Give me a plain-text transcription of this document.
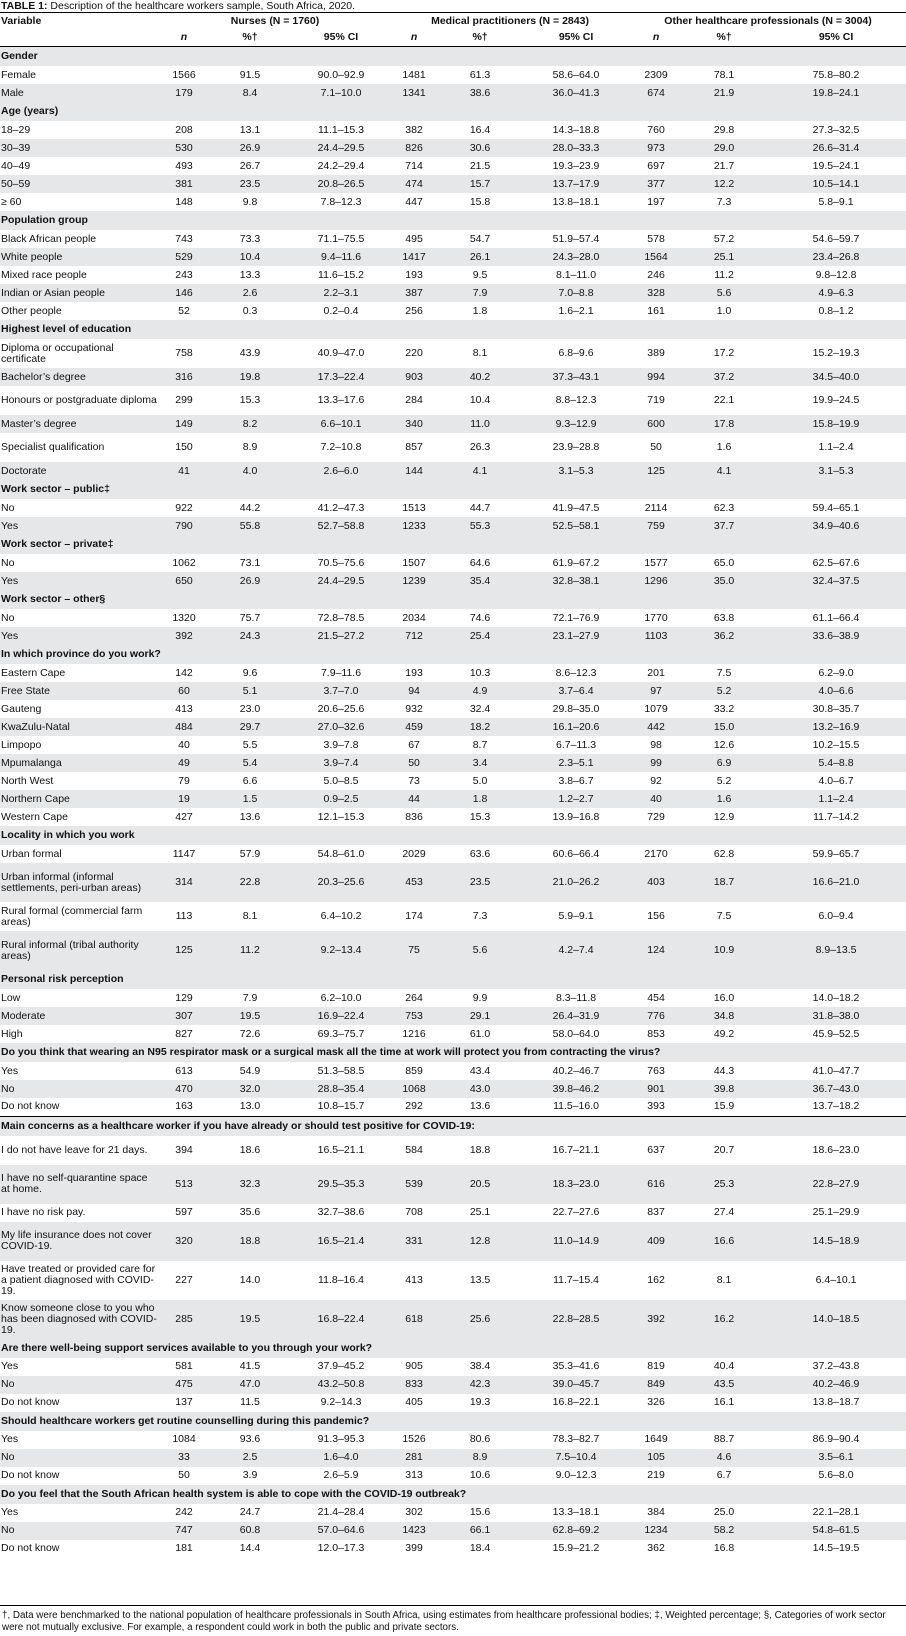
TABLE 1: Description of the healthcare workers sample, South Africa, 2020.
Variable	Nurses (N = 1760)			Medical practitioners (N = 2843)			Other healthcare professionals (N = 3004)		
	n	%†	95% CI	n	%†	95% CI	n	%†	95% CI
Gender									
Female	1566	91.5	90.0–92.9	1481	61.3	58.6–64.0	2309	78.1	75.8–80.2
Male	179	8.4	7.1–10.0	1341	38.6	36.0–41.3	674	21.9	19.8–24.1
Age (years)									
18–29	208	13.1	11.1–15.3	382	16.4	14.3–18.8	760	29.8	27.3–32.5
30–39	530	26.9	24.4–29.5	826	30.6	28.0–33.3	973	29.0	26.6–31.4
40–49	493	26.7	24.2–29.4	714	21.5	19.3–23.9	697	21.7	19.5–24.1
50–59	381	23.5	20.8–26.5	474	15.7	13.7–17.9	377	12.2	10.5–14.1
≥ 60	148	9.8	7.8–12.3	447	15.8	13.8–18.1	197	7.3	5.8–9.1
Population group									
Black African people	743	73.3	71.1–75.5	495	54.7	51.9–57.4	578	57.2	54.6–59.7
White people	529	10.4	9.4–11.6	1417	26.1	24.3–28.0	1564	25.1	23.4–26.8
Mixed race people	243	13.3	11.6–15.2	193	9.5	8.1–11.0	246	11.2	9.8–12.8
Indian or Asian people	146	2.6	2.2–3.1	387	7.9	7.0–8.8	328	5.6	4.9–6.3
Other people	52	0.3	0.2–0.4	256	1.8	1.6–2.1	161	1.0	0.8–1.2
Highest level of education									
Diploma or occupational certificate	758	43.9	40.9–47.0	220	8.1	6.8–9.6	389	17.2	15.2–19.3
Bachelor’s degree	316	19.8	17.3–22.4	903	40.2	37.3–43.1	994	37.2	34.5–40.0
Honours or postgraduate diploma	299	15.3	13.3–17.6	284	10.4	8.8–12.3	719	22.1	19.9–24.5
Master’s degree	149	8.2	6.6–10.1	340	11.0	9.3–12.9	600	17.8	15.8–19.9
Specialist qualification	150	8.9	7.2–10.8	857	26.3	23.9–28.8	50	1.6	1.1–2.4
Doctorate	41	4.0	2.6–6.0	144	4.1	3.1–5.3	125	4.1	3.1–5.3
Work sector – public‡									
No	922	44.2	41.2–47.3	1513	44.7	41.9–47.5	2114	62.3	59.4–65.1
Yes	790	55.8	52.7–58.8	1233	55.3	52.5–58.1	759	37.7	34.9–40.6
Work sector – private‡									
No	1062	73.1	70.5–75.6	1507	64.6	61.9–67.2	1577	65.0	62.5–67.6
Yes	650	26.9	24.4–29.5	1239	35.4	32.8–38.1	1296	35.0	32.4–37.5
Work sector – other§									
No	1320	75.7	72.8–78.5	2034	74.6	72.1–76.9	1770	63.8	61.1–66.4
Yes	392	24.3	21.5–27.2	712	25.4	23.1–27.9	1103	36.2	33.6–38.9
In which province do you work?									
Eastern Cape	142	9.6	7.9–11.6	193	10.3	8.6–12.3	201	7.5	6.2–9.0
Free State	60	5.1	3.7–7.0	94	4.9	3.7–6.4	97	5.2	4.0–6.6
Gauteng	413	23.0	20.6–25.6	932	32.4	29.8–35.0	1079	33.2	30.8–35.7
KwaZulu-Natal	484	29.7	27.0–32.6	459	18.2	16.1–20.6	442	15.0	13.2–16.9
Limpopo	40	5.5	3.9–7.8	67	8.7	6.7–11.3	98	12.6	10.2–15.5
Mpumalanga	49	5.4	3.9–7.4	50	3.4	2.3–5.1	99	6.9	5.4–8.8
North West	79	6.6	5.0–8.5	73	5.0	3.8–6.7	92	5.2	4.0–6.7
Northern Cape	19	1.5	0.9–2.5	44	1.8	1.2–2.7	40	1.6	1.1–2.4
Western Cape	427	13.6	12.1–15.3	836	15.3	13.9–16.8	729	12.9	11.7–14.2
Locality in which you work									
Urban formal	1147	57.9	54.8–61.0	2029	63.6	60.6–66.4	2170	62.8	59.9–65.7
Urban informal (informal settlements, peri-urban areas)	314	22.8	20.3–25.6	453	23.5	21.0–26.2	403	18.7	16.6–21.0
Rural formal (commercial farm areas)	113	8.1	6.4–10.2	174	7.3	5.9–9.1	156	7.5	6.0–9.4
Rural informal (tribal authority areas)	125	11.2	9.2–13.4	75	5.6	4.2–7.4	124	10.9	8.9–13.5
Personal risk perception									
Low	129	7.9	6.2–10.0	264	9.9	8.3–11.8	454	16.0	14.0–18.2
Moderate	307	19.5	16.9–22.4	753	29.1	26.4–31.9	776	34.8	31.8–38.0
High	827	72.6	69.3–75.7	1216	61.0	58.0–64.0	853	49.2	45.9–52.5
Do you think that wearing an N95 respirator mask or a surgical mask all the time at work will protect you from contracting the virus?									
Yes	613	54.9	51.3–58.5	859	43.4	40.2–46.7	763	44.3	41.0–47.7
No	470	32.0	28.8–35.4	1068	43.0	39.8–46.2	901	39.8	36.7–43.0
Do not know	163	13.0	10.8–15.7	292	13.6	11.5–16.0	393	15.9	13.7–18.2
Main concerns as a healthcare worker if you have already or should test positive for COVID-19:									
I do not have leave for 21 days.	394	18.6	16.5–21.1	584	18.8	16.7–21.1	637	20.7	18.6–23.0
I have no self-quarantine space at home.	513	32.3	29.5–35.3	539	20.5	18.3–23.0	616	25.3	22.8–27.9
I have no risk pay.	597	35.6	32.7–38.6	708	25.1	22.7–27.6	837	27.4	25.1–29.9
My life insurance does not cover COVID-19.	320	18.8	16.5–21.4	331	12.8	11.0–14.9	409	16.6	14.5–18.9
Have treated or provided care for a patient diagnosed with COVID-19.	227	14.0	11.8–16.4	413	13.5	11.7–15.4	162	8.1	6.4–10.1
Know someone close to you who has been diagnosed with COVID-19.	285	19.5	16.8–22.4	618	25.6	22.8–28.5	392	16.2	14.0–18.5
Are there well-being support services available to you through your work?									
Yes	581	41.5	37.9–45.2	905	38.4	35.3–41.6	819	40.4	37.2–43.8
No	475	47.0	43.2–50.8	833	42.3	39.0–45.7	849	43.5	40.2–46.9
Do not know	137	11.5	9.2–14.3	405	19.3	16.8–22.1	326	16.1	13.8–18.7
Should healthcare workers get routine counselling during this pandemic?									
Yes	1084	93.6	91.3–95.3	1526	80.6	78.3–82.7	1649	88.7	86.9–90.4
No	33	2.5	1.6–4.0	281	8.9	7.5–10.4	105	4.6	3.5–6.1
Do not know	50	3.9	2.6–5.9	313	10.6	9.0–12.3	219	6.7	5.6–8.0
Do you feel that the South African health system is able to cope with the COVID-19 outbreak?									
Yes	242	24.7	21.4–28.4	302	15.6	13.3–18.1	384	25.0	22.1–28.1
No	747	60.8	57.0–64.6	1423	66.1	62.8–69.2	1234	58.2	54.8–61.5
Do not know	181	14.4	12.0–17.3	399	18.4	15.9–21.2	362	16.8	14.5–19.5
†, Data were benchmarked to the national population of healthcare professionals in South Africa, using estimates from healthcare professional bodies; ‡, Weighted percentage; §, Categories of work sector were not mutually exclusive. For example, a respondent could work in both the public and private sectors.
